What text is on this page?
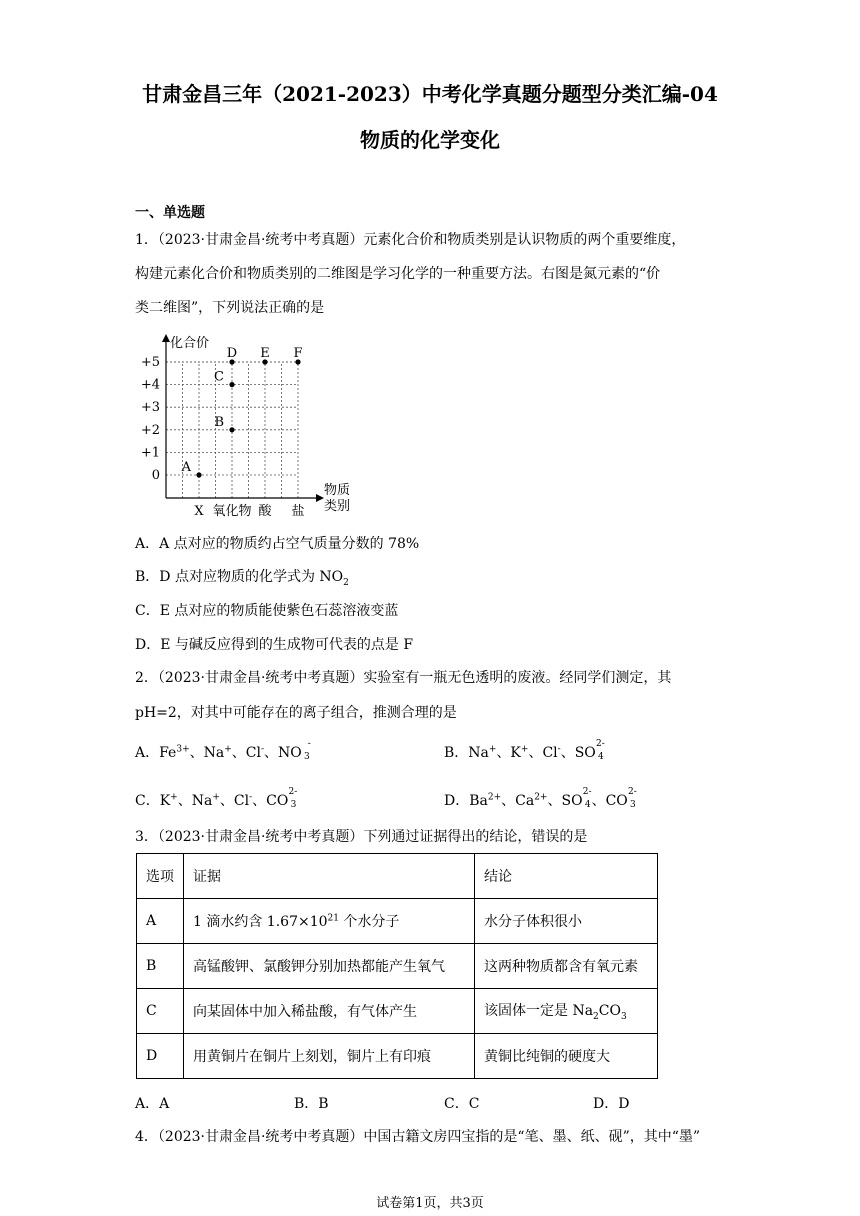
甘肃金昌三年（2021-2023）中考化学真题分题型分类汇编-04
物质的化学变化
一、单选题
1．（2023·甘肃金昌·统考中考真题）元素化合价和物质类别是认识物质的两个重要维度，
构建元素化合价和物质类别的二维图是学习化学的一种重要方法。右图是氮元素的“价
类二维图”，下列说法正确的是
化合价
物质
类别
+5
+4
+3
+2
+1
0
X 氧化物 酸 盐
A
B
C
D E F
A．A 点对应的物质约占空气质量分数的 78%
B．D 点对应物质的化学式为 $NO_2$
C．E 点对应的物质能使紫色石蕊溶液变蓝
D．E 与碱反应得到的生成物可代表的点是 F
2．（2023·甘肃金昌·统考中考真题）实验室有一瓶无色透明的废液。经同学们测定，其
pH=2，对其中可能存在的离子组合，推测合理的是
A．$Fe^{3+}$、Na+、Cl-、NO
-
3	B．Na+、K+、Cl-、SO
2-
4
C．K+、Na+、Cl-、CO
2-
3	D．$Ba^{2+}$、$Ca^{2+}$、SO
2-
4 、CO
2-
3
3．（2023·甘肃金昌·统考中考真题）下列通过证据得出的结论，错误的是
选项	证据	结论
A	1 滴水约含 $1.67\times 10^{21}$ 个水分子	水分子体积很小
B	高锰酸钾、氯酸钾分别加热都能产生氧气	这两种物质都含有氧元素
C	向某固体中加入稀盐酸，有气体产生	该固体一定是 $Na_2CO_3$
D	用黄铜片在铜片上刻划，铜片上有印痕	黄铜比纯铜的硬度大
A．A	B．B	C．C	D．D
4．（2023·甘肃金昌·统考中考真题）中国古籍文房四宝指的是“笔、墨、纸、砚”，其中“墨”
试卷第1页，共3页
